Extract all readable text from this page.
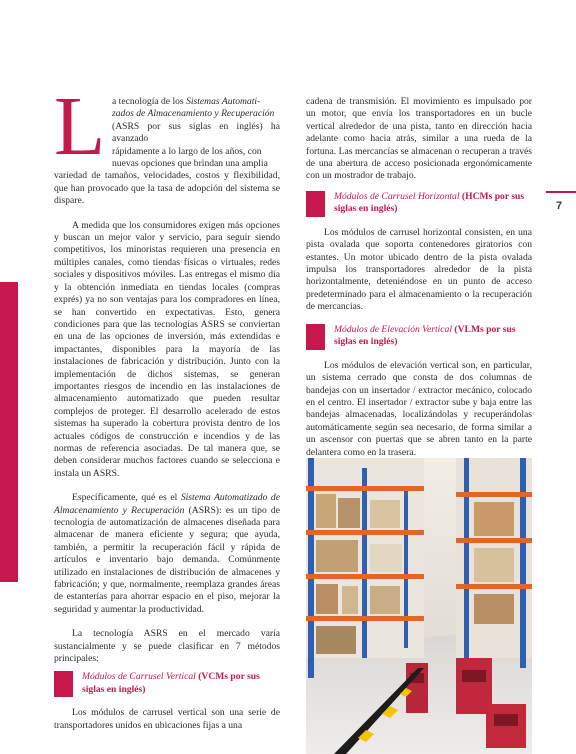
7
L a tecnología de los Sistemas Automati-

zados de Almacenamiento y Recuperación

(ASRS por sus siglas en inglés) ha avanzado

rápidamente a lo largo de los años, con

nuevas opciones que brindan una amplia

variedad de tamaños, velocidades, costos y flexibilidad, que han provocado que la tasa de adopción del sistema se dispare.

A medida que los consumidores exigen más opciones y buscan un mejor valor y servicio, para seguir siendo competitivos, los minoristas requieren una presencia en múltiples canales, como tiendas físicas o virtuales, redes sociales y dispositivos móviles. Las entregas el mismo día y la obtención inmediata en tiendas locales (compras exprés) ya no son ventajas para los compradores en línea, se han convertido en expectativas. Esto, genera condiciones para que las tecnologías ASRS se conviertan en una de las opciones de inversión, más extendidas e impactantes, disponibles para la mayoría de las instalaciones de fabricación y distribución. Junto con la implementación de dichos sistemas, se generan importantes riesgos de incendio en las instalaciones de almacenamiento automatizado que pueden resultar complejos de proteger. El desarrollo acelerado de estos sistemas ha superado la cobertura provista dentro de los actuales códigos de construcción e incendios y de las normas de referencia asociadas. De tal manera que, se deben considerar muchos factores cuando se selecciona e instala un ASRS.

Específicamente, qué es el Sistema Automatizado de Almacenamiento y Recuperación (ASRS): es un tipo de tecnología de automatización de almacenes diseñada para almacenar de manera eficiente y segura; que ayuda, también, a permitir la recuperación fácil y rápida de artículos e inventario bajo demanda. Comúnmente utilizado en instalaciones de distribución de almacenes y fabricación; y que, normalmente, reemplaza grandes áreas de estanterías para ahorrar espacio en el piso, mejorar la seguridad y aumentar la productividad.

La tecnología ASRS en el mercado varía sustancialmente y se puede clasificar en 7 métodos principales:

Módulos de Carrusel Vertical (VCMs por sus siglas en inglés)

Los módulos de carrusel vertical son una serie de transportadores unidos en ubicaciones fijas a una

cadena de transmisión. El movimiento es impulsado por un motor, que envía los transportadores en un bucle vertical alrededor de una pista, tanto en dirección hacia adelante como hacia atrás, similar a una rueda de la fortuna. Las mercancías se almacenan o recuperan a través de una abertura de acceso posicionada ergonómicamente con un mostrador de trabajo.

Módulos de Carrusel Horizontal (HCMs por sus siglas en inglés)

Los módulos de carrusel horizontal consisten, en una pista ovalada que soporta contenedores giratorios con estantes. Un motor ubicado dentro de la pista ovalada impulsa los transportadores alrededor de la pista horizontalmente, deteniéndose en un punto de acceso predeterminado para el almacenamiento o la recuperación de mercancías.

Módulos de Elevación Vertical (VLMs por sus siglas en inglés)

Los módulos de elevación vertical son, en particular, un sistema cerrado que consta de dos columnas de bandejas con un insertador / extractor mecánico, colocado en el centro. El insertador / extractor sube y baja entre las bandejas almacenadas, localizándolas y recuperándolas automáticamente según sea necesario, de forma similar a un ascensor con puertas que se abren tanto en la parte delantera como en la trasera.
